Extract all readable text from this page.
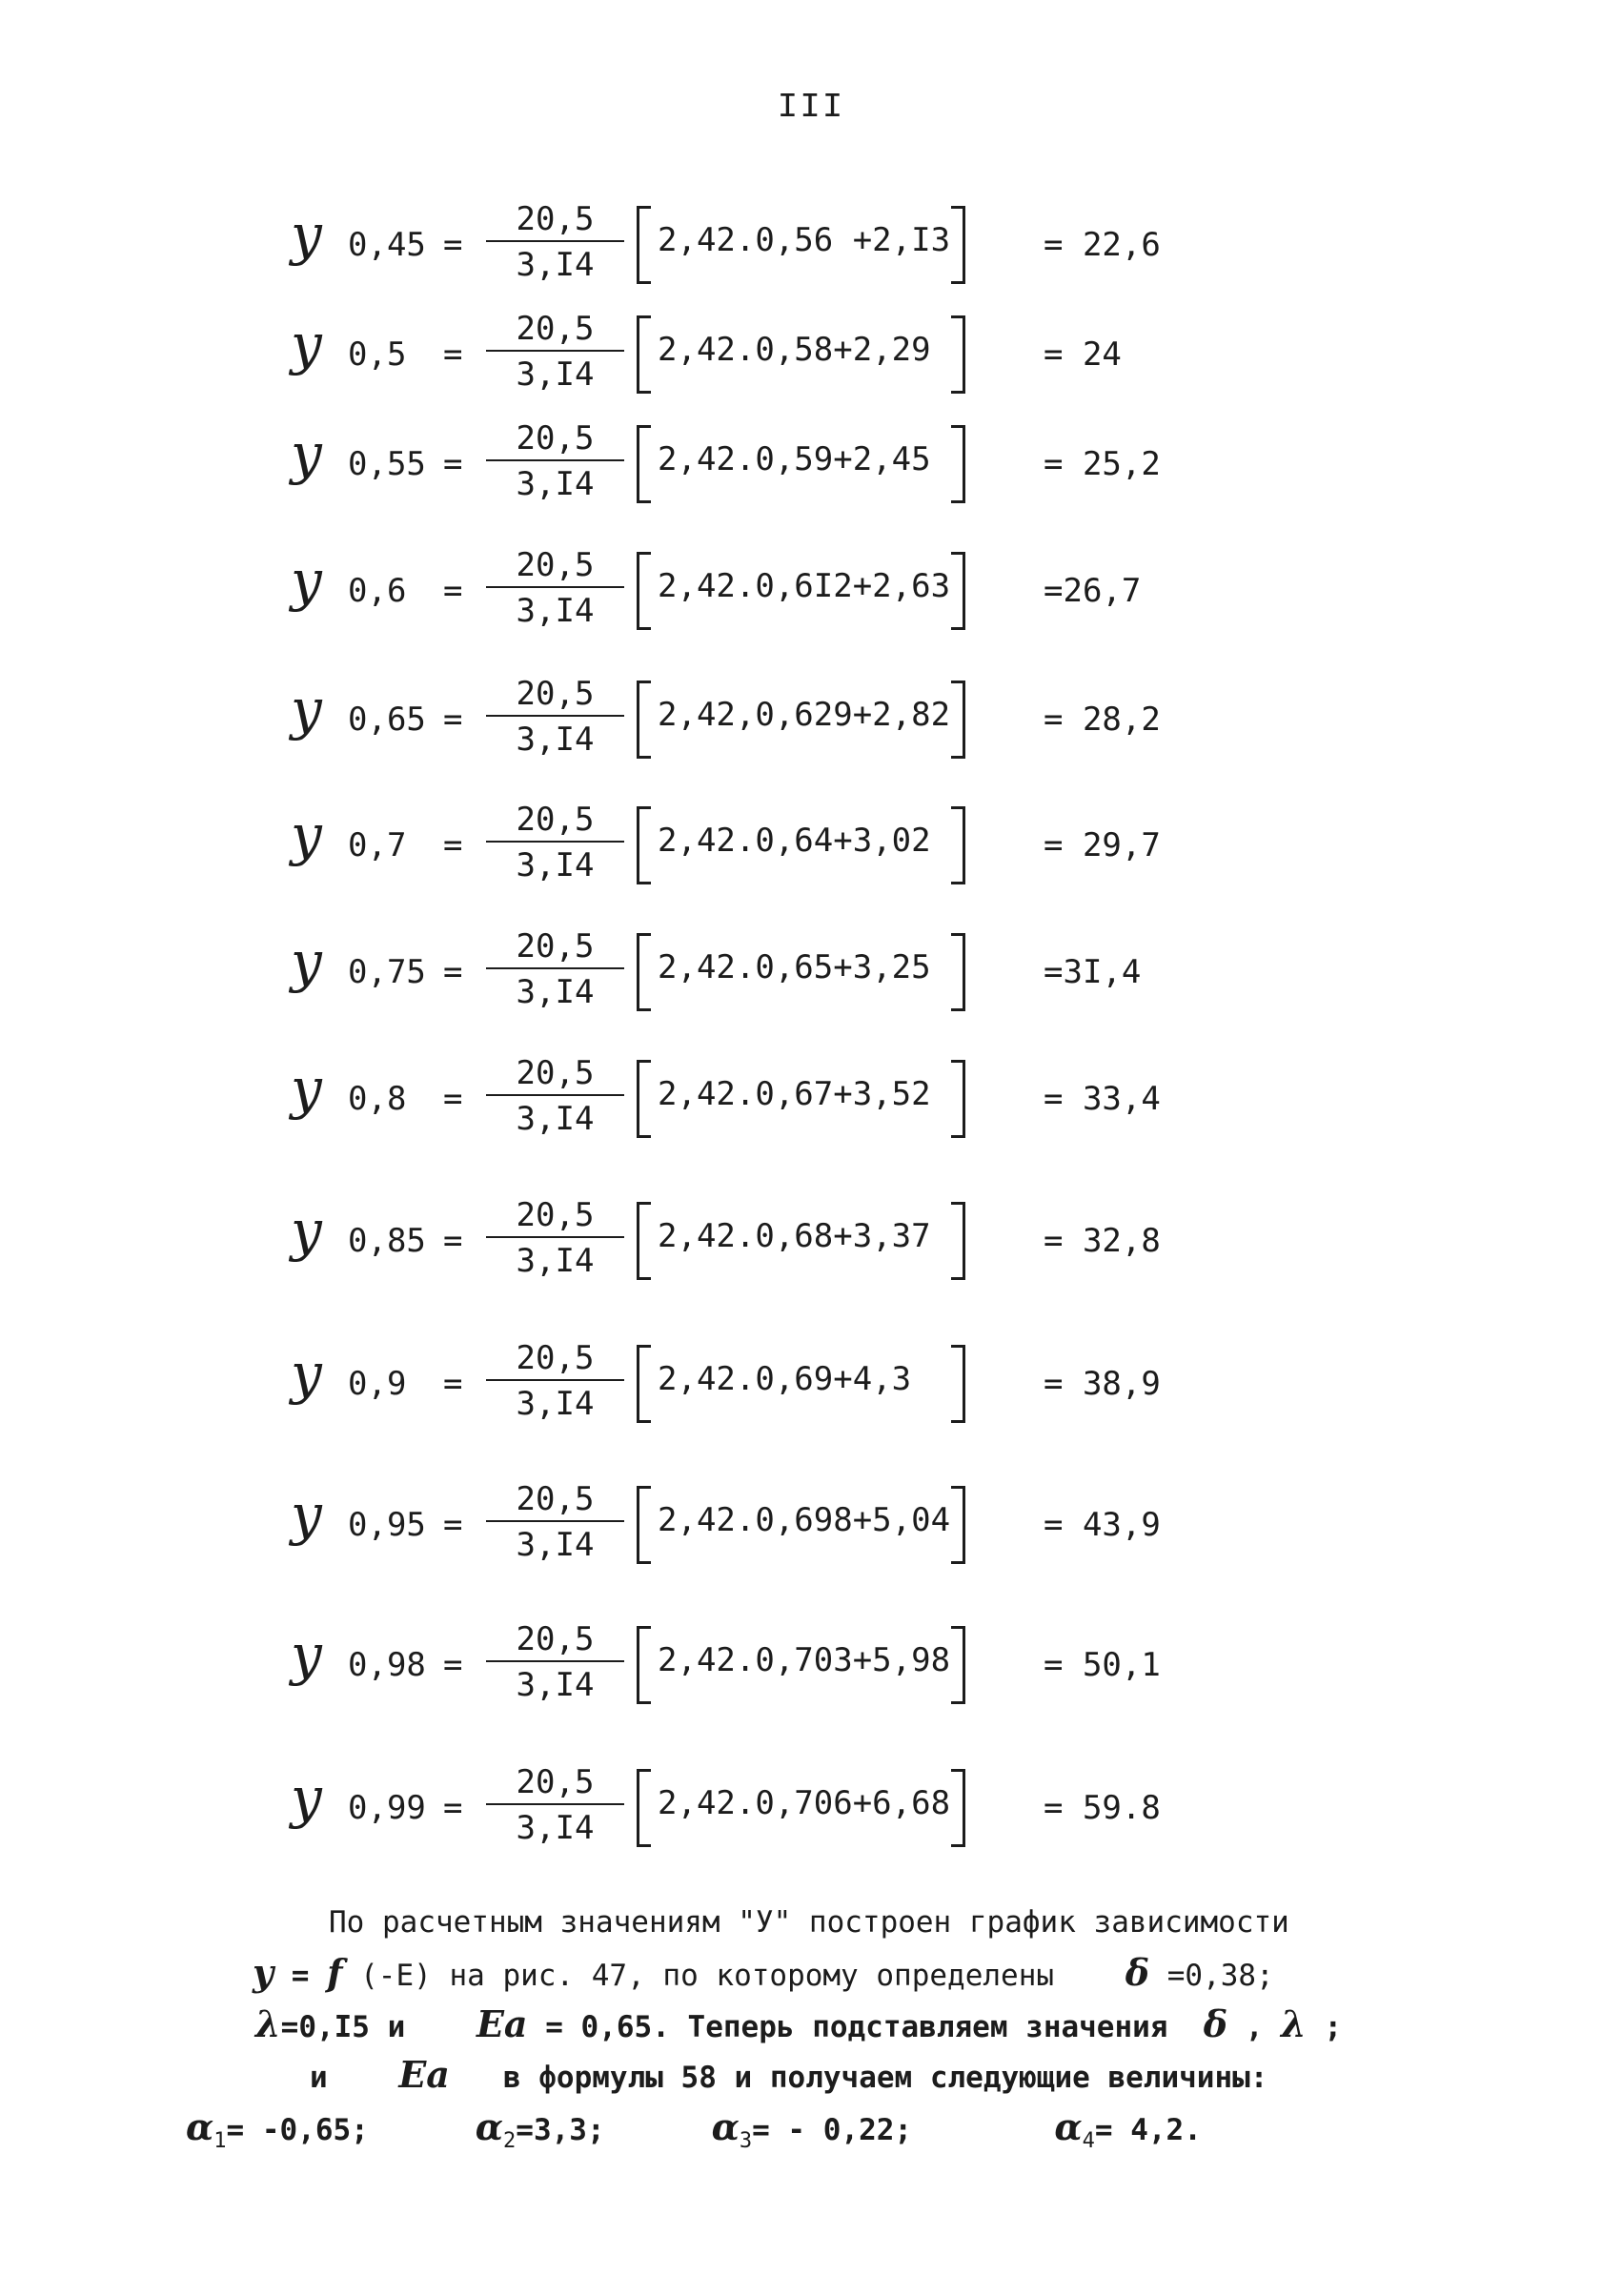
III
y 0,45 =
20,5
3,I4
2,42.0,56 +2,I3	= 22,6
y 0,5 =
20,5
3,I4
2,42.0,58+2,29	= 24
y 0,55 =
20,5
3,I4
2,42.0,59+2,45	= 25,2
y 0,6 =
20,5
3,I4
2,42.0,6I2+2,63	=26,7
y 0,65 =
20,5
3,I4
2,42,0,629+2,82	= 28,2
y 0,7 =
20,5
3,I4
2,42.0,64+3,02	= 29,7
y 0,75 =
20,5
3,I4
2,42.0,65+3,25	=3I,4
y 0,8 =
20,5
3,I4
2,42.0,67+3,52	= 33,4
y 0,85 =
20,5
3,I4
2,42.0,68+3,37	= 32,8
y 0,9 =
20,5
3,I4
2,42.0,69+4,3	= 38,9
y 0,95 =
20,5
3,I4
2,42.0,698+5,04	= 43,9
y 0,98 =
20,5
3,I4
2,42.0,703+5,98	= 50,1
y 0,99 =
20,5
3,I4
2,42.0,706+6,68	= 59.8
По расчетным значениям "У" построен график зависимости
y = f (-E) на рис. 47, по которому определены δ =0,38;
λ=0,I5 и Ea = 0,65. Теперь подставляем значения δ , λ ;
и Ea в формулы 58 и получаем следующие величины:
$\alpha_1= -0,65$;	$\alpha_2=3,3$;	$\alpha_3= - 0,22$;	$\alpha_4= 4,2$.
